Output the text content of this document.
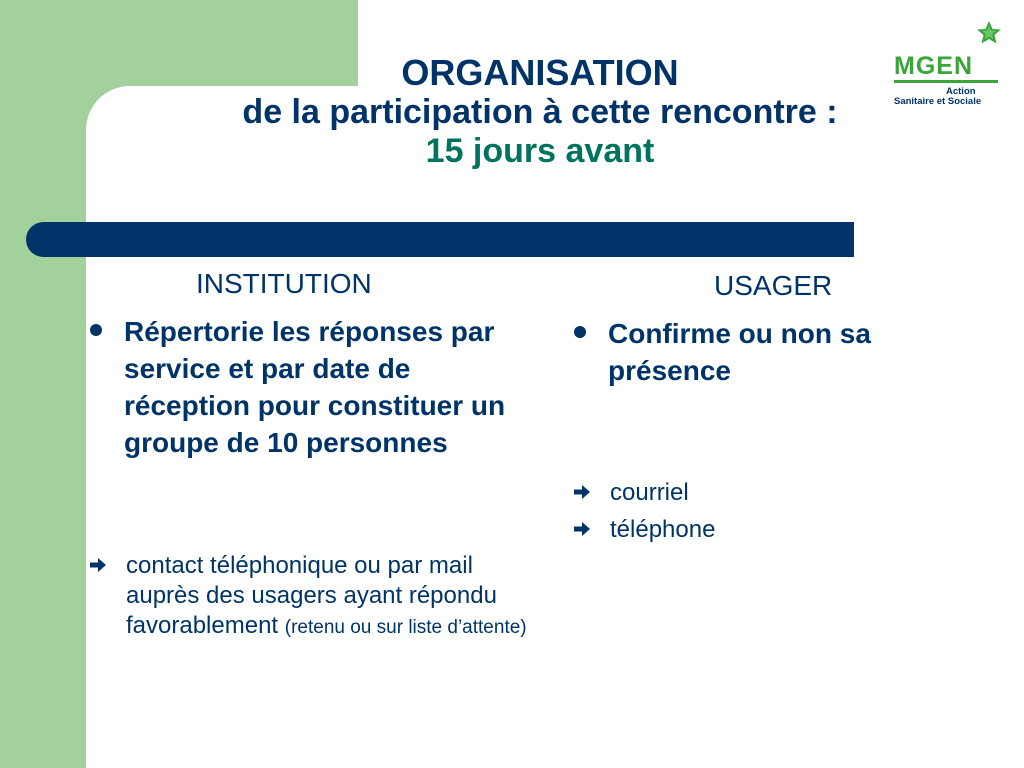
ORGANISATION
de la participation à cette rencontre :
15 jours avant
MGEN
Action
Sanitaire et Sociale
INSTITUTION	USAGER
Répertorie les réponses par service et par date de réception pour constituer un groupe de 10 personnes
contact téléphonique ou par mail auprès des usagers ayant répondu favorablement (retenu ou sur liste d’attente)
Confirme ou non sa présence
courriel
téléphone
